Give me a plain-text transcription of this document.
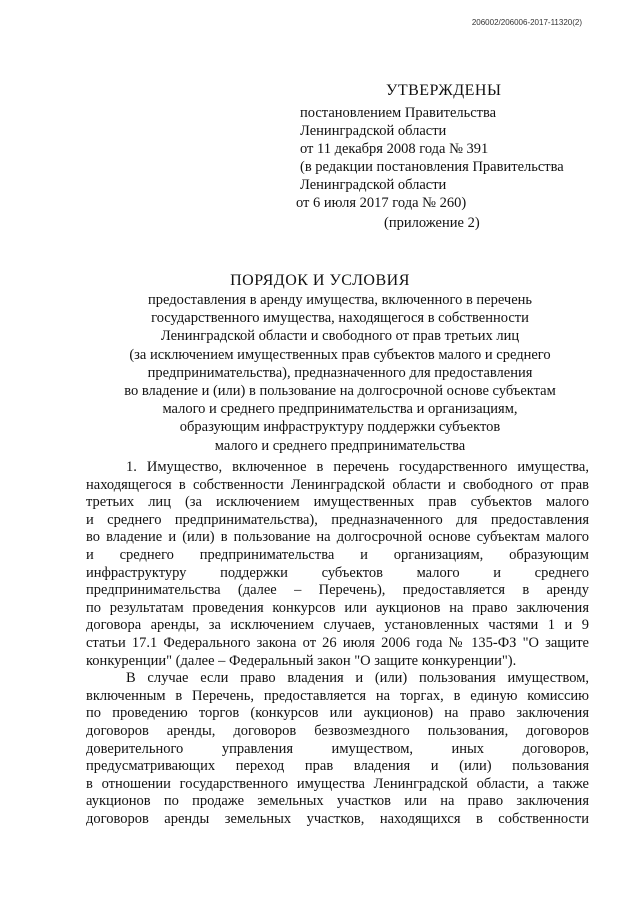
206002/206006-2017-11320(2)
УТВЕРЖДЕНЫ
постановлением Правительства
Ленинградской области
от 11 декабря 2008 года № 391
(в редакции постановления Правительства
Ленинградской области
от 6 июля 2017 года № 260)
(приложение 2)
ПОРЯДОК И УСЛОВИЯ
предоставления в аренду имущества, включенного в перечень
государственного имущества, находящегося в собственности
Ленинградской области и свободного от прав третьих лиц
(за исключением имущественных прав субъектов малого и среднего
предпринимательства), предназначенного для предоставления
во владение и (или) в пользование на долгосрочной основе субъектам
малого и среднего предпринимательства и организациям,
образующим инфраструктуру поддержки субъектов
малого и среднего предпринимательства
1. Имущество, включенное в перечень государственного имущества,
находящегося в собственности Ленинградской области и свободного от прав
третьих лиц (за исключением имущественных прав субъектов малого
и среднего предпринимательства), предназначенного для предоставления
во владение и (или) в пользование на долгосрочной основе субъектам малого
и среднего предпринимательства и организациям, образующим
инфраструктуру поддержки субъектов малого и среднего
предпринимательства (далее – Перечень), предоставляется в аренду
по результатам проведения конкурсов или аукционов на право заключения
договора аренды, за исключением случаев, установленных частями 1 и 9
статьи 17.1 Федерального закона от 26 июля 2006 года № 135-ФЗ "О защите
конкуренции" (далее – Федеральный закон "О защите конкуренции").
В случае если право владения и (или) пользования имуществом,
включенным в Перечень, предоставляется на торгах, в единую комиссию
по проведению торгов (конкурсов или аукционов) на право заключения
договоров аренды, договоров безвозмездного пользования, договоров
доверительного управления имуществом, иных договоров,
предусматривающих переход прав владения и (или) пользования
в отношении государственного имущества Ленинградской области, а также
аукционов по продаже земельных участков или на право заключения
договоров аренды земельных участков, находящихся в собственности
